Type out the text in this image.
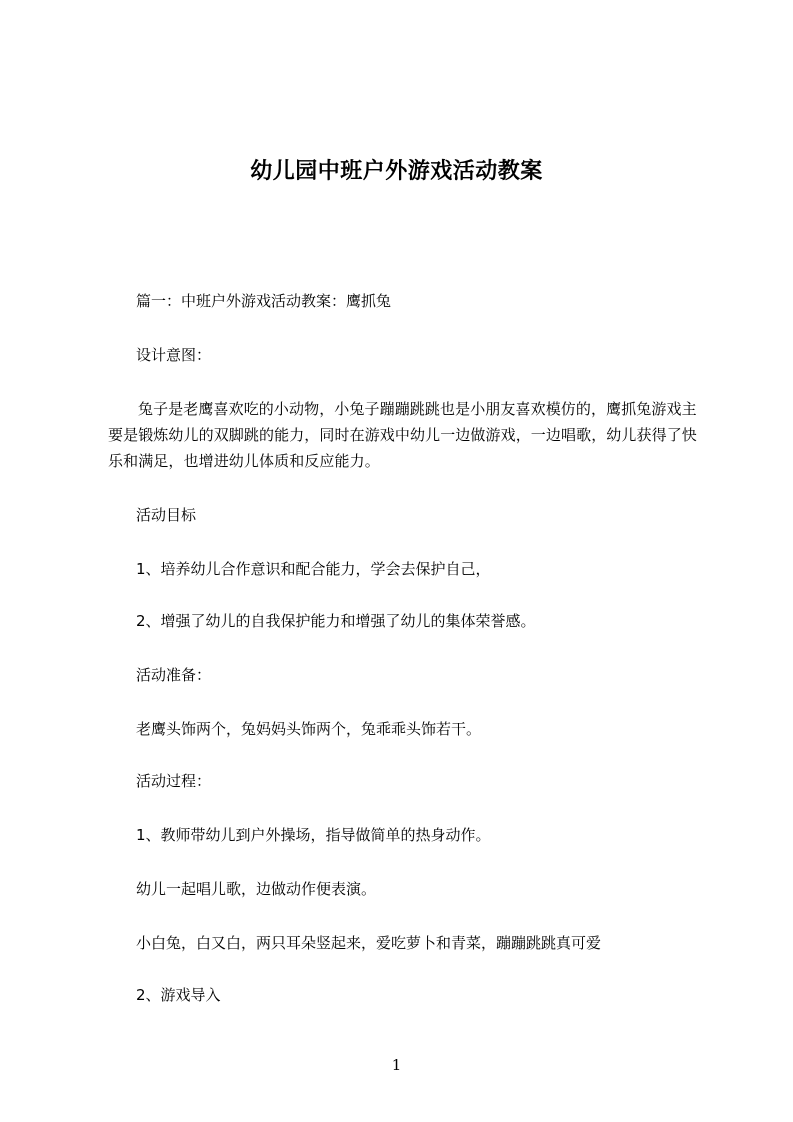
幼儿园中班户外游戏活动教案

篇一：中班户外游戏活动教案：鹰抓兔

设计意图：

兔子是老鹰喜欢吃的小动物，小兔子蹦蹦跳跳也是小朋友喜欢模仿的，鹰抓兔游戏主要是锻炼幼儿的双脚跳的能力，同时在游戏中幼儿一边做游戏，一边唱歌，幼儿获得了快乐和满足，也增进幼儿体质和反应能力。

活动目标

1、培养幼儿合作意识和配合能力，学会去保护自己，

2、增强了幼儿的自我保护能力和增强了幼儿的集体荣誉感。

活动准备：

老鹰头饰两个，兔妈妈头饰两个，兔乖乖头饰若干。

活动过程：

1、教师带幼儿到户外操场，指导做简单的热身动作。

幼儿一起唱儿歌，边做动作便表演。

小白兔，白又白，两只耳朵竖起来，爱吃萝卜和青菜，蹦蹦跳跳真可爱

2、游戏导入

1
